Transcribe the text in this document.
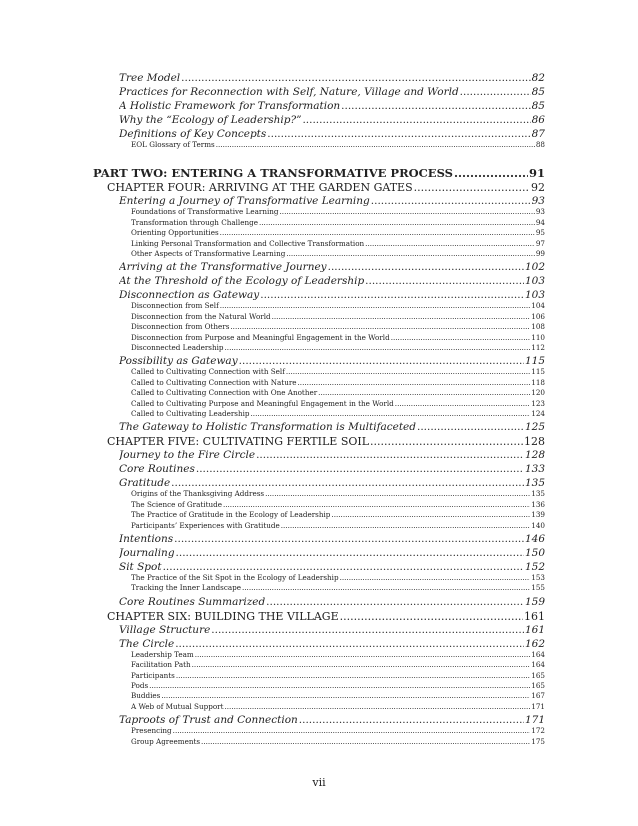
Tree Model .....	82
Practices for Reconnection with Self, Nature, Village and World .....	85
A Holistic Framework for Transformation .....	85
Why the “Ecology of Leadership?” .....	86
Definitions of Key Concepts .....	87
EOL Glossary of Terms .....	88
PART TWO: ENTERING A TRANSFORMATIVE PROCESS .....	91
CHAPTER FOUR: ARRIVING AT THE GARDEN GATES .....	92
Entering a Journey of Transformative Learning .....	93
Foundations of Transformative Learning .....	93
Transformation through Challenge .....	94
Orienting Opportunities .....	95
Linking Personal Transformation and Collective Transformation .....	97
Other Aspects of Transformative Learning .....	99
Arriving at the Transformative Journey .....	102
At the Threshold of the Ecology of Leadership .....	103
Disconnection as Gateway .....	103
Disconnection from Self .....	104
Disconnection from the Natural World .....	106
Disconnection from Others .....	108
Disconnection from Purpose and Meaningful Engagement in the World .....	110
Disconnected Leadership .....	112
Possibility as Gateway .....	115
Called to Cultivating Connection with Self .....	115
Called to Cultivating Connection with Nature .....	118
Called to Cultivating Connection with One Another .....	120
Called to Cultivating Purpose and Meaningful Engagement in the World .....	123
Called to Cultivating Leadership .....	124
The Gateway to Holistic Transformation is Multifaceted .....	125
CHAPTER FIVE: CULTIVATING FERTILE SOIL .....	128
Journey to the Fire Circle .....	128
Core Routines .....	133
Gratitude .....	135
Origins of the Thanksgiving Address .....	135
The Science of Gratitude .....	136
The Practice of Gratitude in the Ecology of Leadership .....	139
Participants’ Experiences with Gratitude .....	140
Intentions .....	146
Journaling .....	150
Sit Spot .....	152
The Practice of the Sit Spot in the Ecology of Leadership .....	153
Tracking the Inner Landscape .....	155
Core Routines Summarized .....	159
CHAPTER SIX: BUILDING THE VILLAGE .....	161
Village Structure .....	161
The Circle .....	162
Leadership Team .....	164
Facilitation Path .....	164
Participants .....	165
Pods .....	165
Buddies .....	167
A Web of Mutual Support .....	171
Taproots of Trust and Connection .....	171
Presencing .....	172
Group Agreements .....	175
vii
